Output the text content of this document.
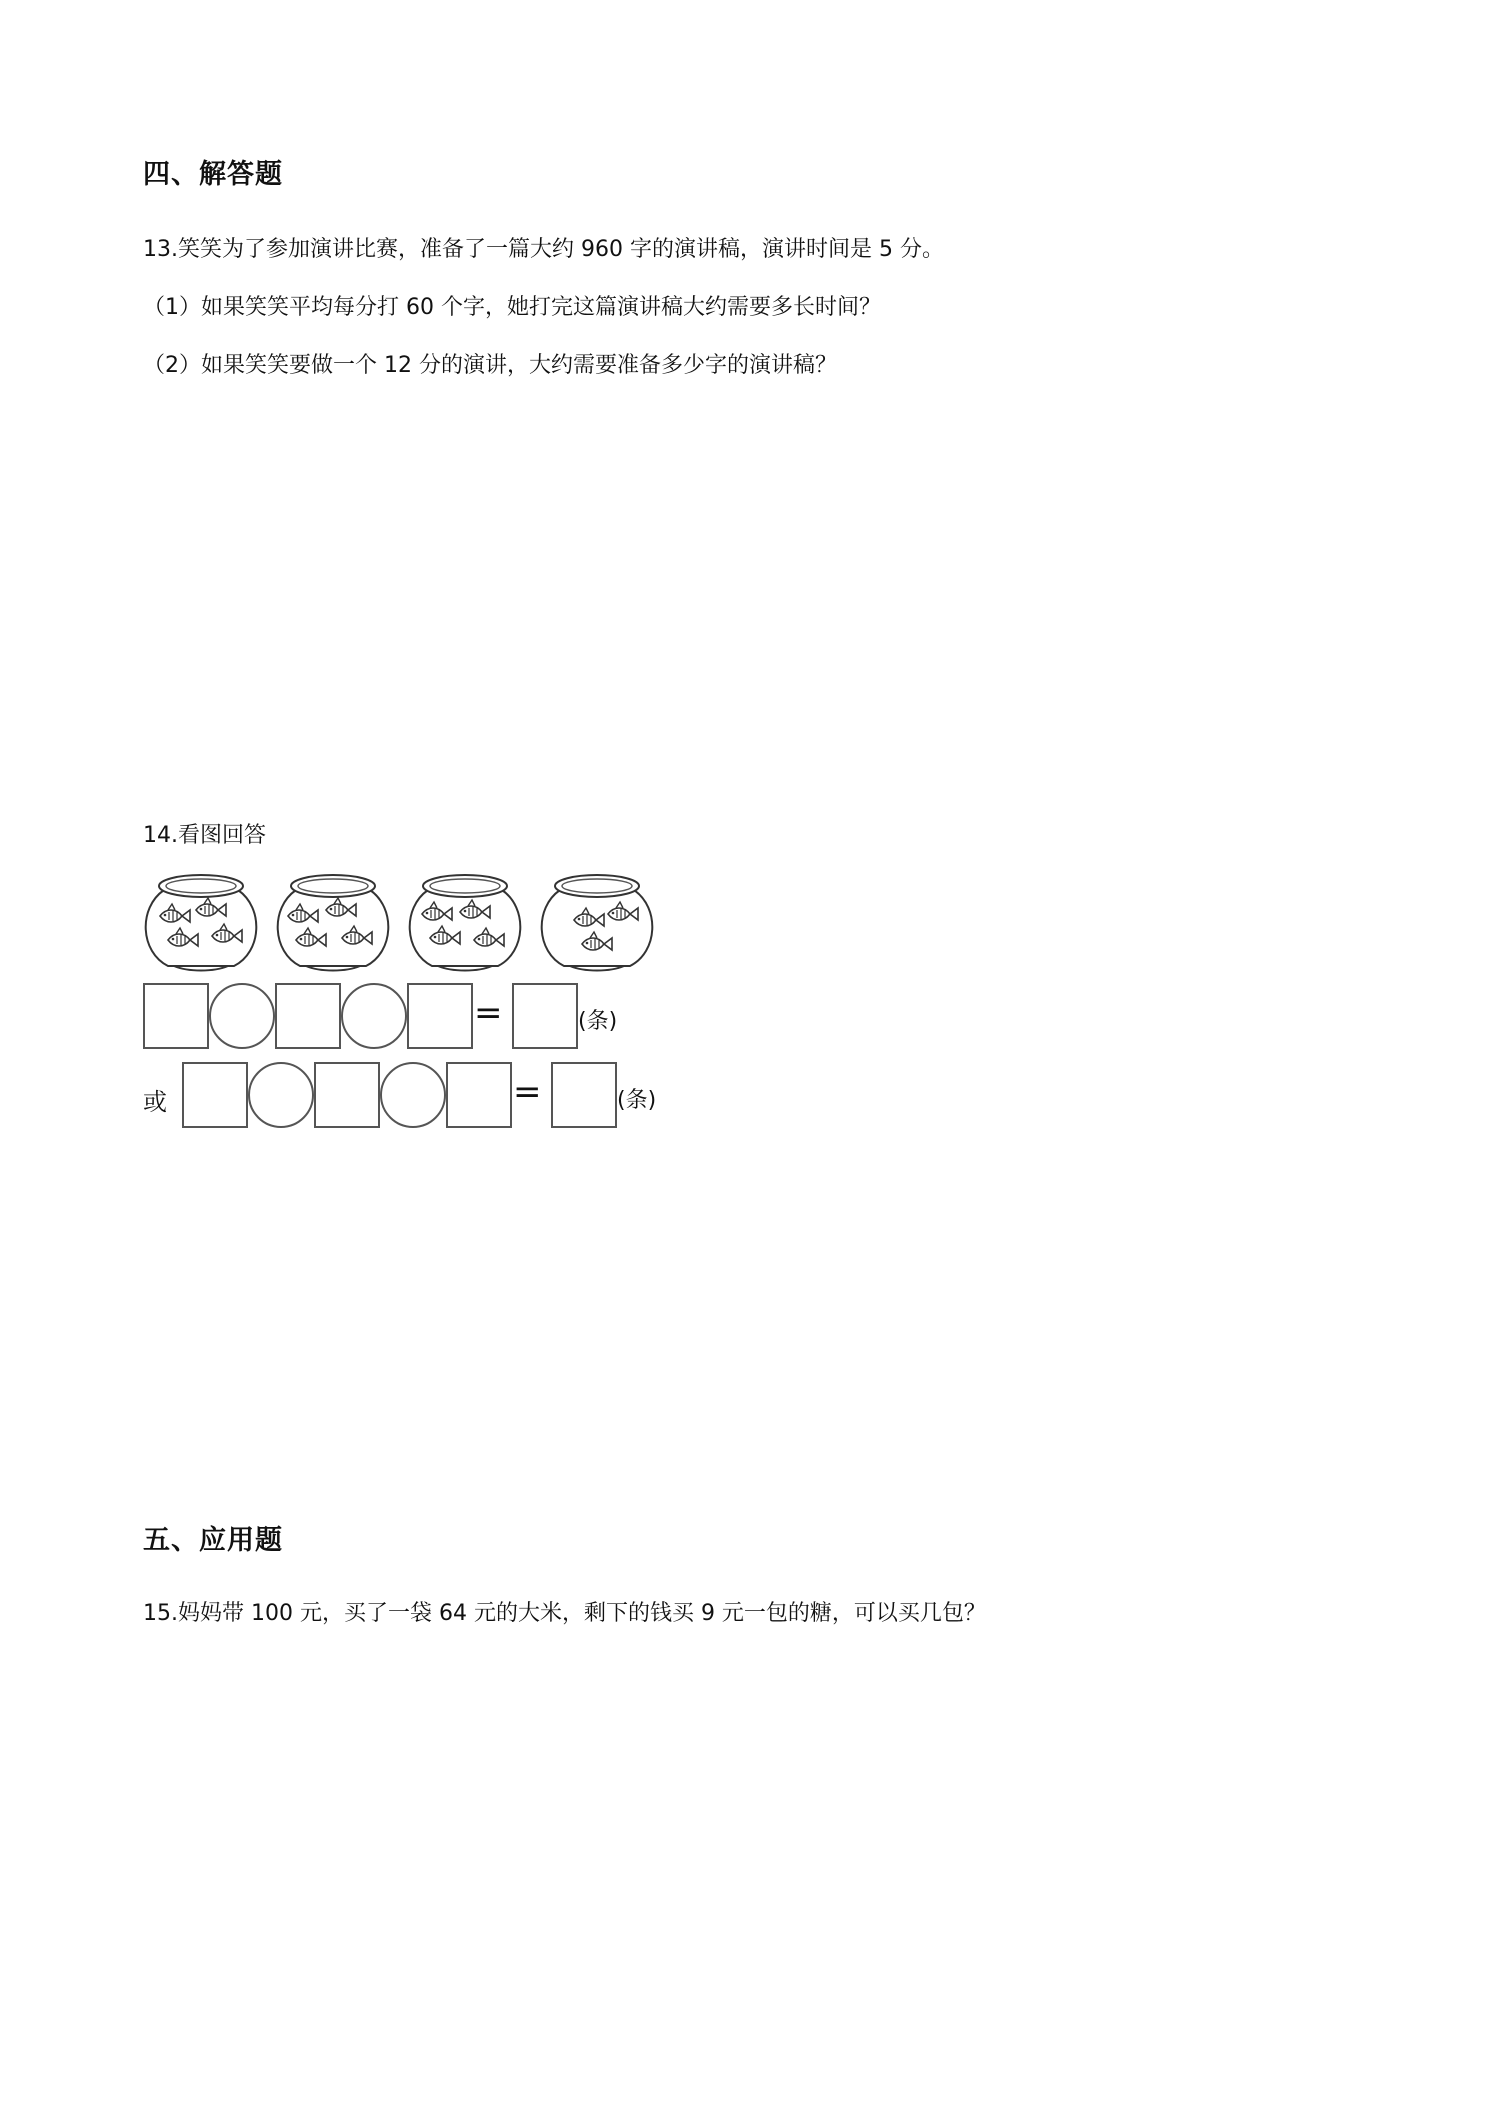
四、解答题
13.笑笑为了参加演讲比赛，准备了一篇大约 960 字的演讲稿，演讲时间是 5 分。
（1）如果笑笑平均每分打 60 个字，她打完这篇演讲稿大约需要多长时间？
（2）如果笑笑要做一个 12 分的演讲，大约需要准备多少字的演讲稿？
14.看图回答
=	(条)
或	=	(条)
五、应用题
15.妈妈带 100 元，买了一袋 64 元的大米，剩下的钱买 9 元一包的糖，可以买几包？
